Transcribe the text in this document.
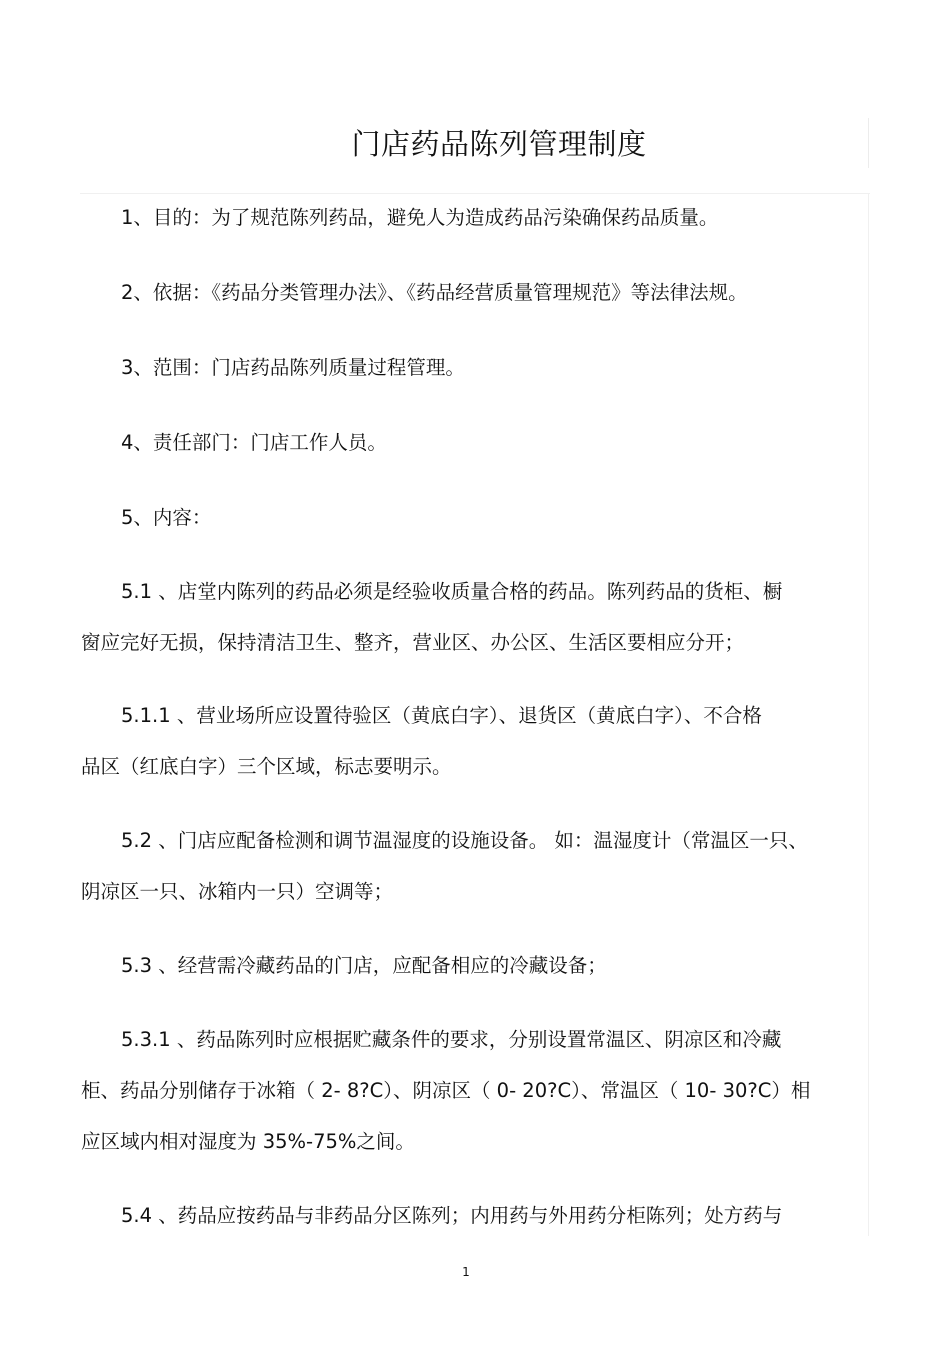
门店药品陈列管理制度
1、目的：为了规范陈列药品，避免人为造成药品污染确保药品质量。
2、依据：《药品分类管理办法》、《药品经营质量管理规范》等法律法规。
3、范围：门店药品陈列质量过程管理。
4、责任部门：门店工作人员。
5、内容：
5.1 、店堂内陈列的药品必须是经验收质量合格的药品。陈列药品的货柜、橱
窗应完好无损，保持清洁卫生、整齐，营业区、办公区、生活区要相应分开；
5.1.1 、营业场所应设置待验区（黄底白字）、退货区（黄底白字）、不合格
品区（红底白字）三个区域，标志要明示。
5.2 、门店应配备检测和调节温湿度的设施设备。 如：温湿度计（常温区一只、
阴凉区一只、冰箱内一只）空调等；
5.3 、经营需冷藏药品的门店，应配备相应的冷藏设备；
5.3.1 、药品陈列时应根据贮藏条件的要求，分别设置常温区、阴凉区和冷藏
柜、药品分别储存于冰箱（ 2- 8?C）、阴凉区（ 0- 20?C）、常温区（ 10- 30?C）相
应区域内相对湿度为 35%-75%之间。
5.4 、药品应按药品与非药品分区陈列；内用药与外用药分柜陈列；处方药与
1
